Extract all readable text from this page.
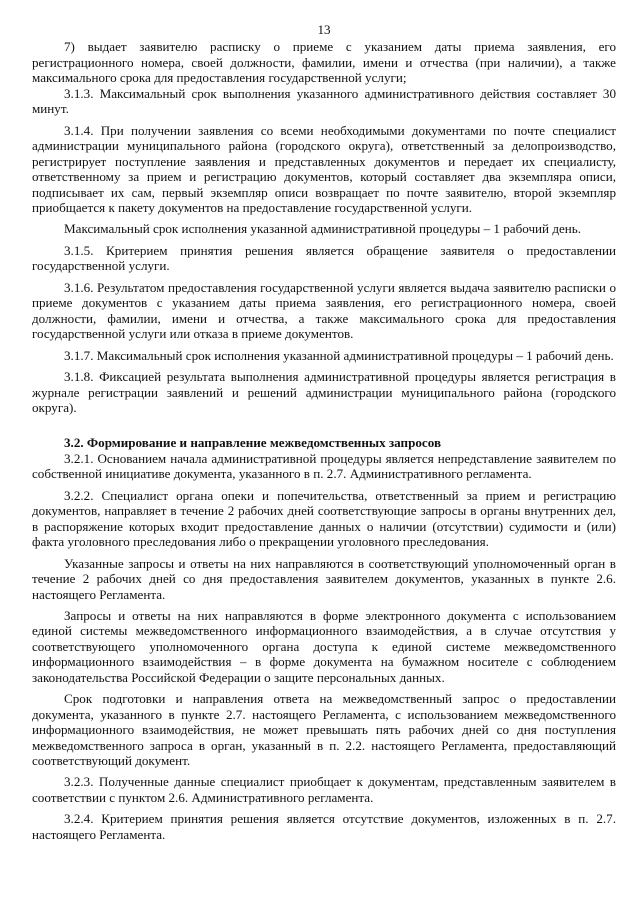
13

7) выдает заявителю расписку о приеме с указанием даты приема заявления, его регистрационного номера, своей должности, фамилии, имени и отчества (при наличии), а также максимального срока для предоставления государственной услуги;

3.1.3. Максимальный срок выполнения указанного административного действия составляет 30 минут.

3.1.4. При получении заявления со всеми необходимыми документами по почте специалист администрации муниципального района (городского округа), ответственный за делопроизводство, регистрирует поступление заявления и представленных документов и передает их специалисту, ответственному за прием и регистрацию документов, который составляет два экземпляра описи, подписывает их сам, первый экземпляр описи возвращает по почте заявителю, второй экземпляр приобщается к пакету документов на предоставление государственной услуги.

Максимальный срок исполнения указанной административной процедуры – 1 рабочий день.

3.1.5. Критерием принятия решения является обращение заявителя о предоставлении государственной услуги.

3.1.6. Результатом предоставления государственной услуги является выдача заявителю расписки о приеме документов с указанием даты приема заявления, его регистрационного номера, своей должности, фамилии, имени и отчества, а также максимального срока для предоставления государственной услуги или отказа в приеме документов.

3.1.7. Максимальный срок исполнения указанной административной процедуры – 1 рабочий день.

3.1.8. Фиксацией результата выполнения административной процедуры является регистрация в журнале регистрации заявлений и решений администрации муниципального района (городского округа).

3.2. Формирование и направление межведомственных запросов

3.2.1. Основанием начала административной процедуры является непредставление заявителем по собственной инициативе документа, указанного в п. 2.7. Административного регламента.

3.2.2. Специалист органа опеки и попечительства, ответственный за прием и регистрацию документов, направляет в течение 2 рабочих дней соответствующие запросы в органы внутренних дел, в распоряжение которых входит предоставление данных о наличии (отсутствии) судимости и (или) факта уголовного преследования либо о прекращении уголовного преследования.

Указанные запросы и ответы на них направляются в соответствующий уполномоченный орган в течение 2 рабочих дней со дня предоставления заявителем документов, указанных в пункте 2.6. настоящего Регламента.

Запросы и ответы на них направляются в форме электронного документа с использованием единой системы межведомственного информационного взаимодействия, а в случае отсутствия у соответствующего уполномоченного органа доступа к единой системе межведомственного информационного взаимодействия – в форме документа на бумажном носителе с соблюдением законодательства Российской Федерации о защите персональных данных.

Срок подготовки и направления ответа на межведомственный запрос о предоставлении документа, указанного в пункте 2.7. настоящего Регламента, с использованием межведомственного информационного взаимодействия, не может превышать пять рабочих дней со дня поступления межведомственного запроса в орган, указанный в п. 2.2. настоящего Регламента, предоставляющий соответствующий документ.

3.2.3. Полученные данные специалист приобщает к документам, представленным заявителем в соответствии с пунктом 2.6. Административного регламента.

3.2.4. Критерием принятия решения является отсутствие документов, изложенных в п. 2.7. настоящего Регламента.
